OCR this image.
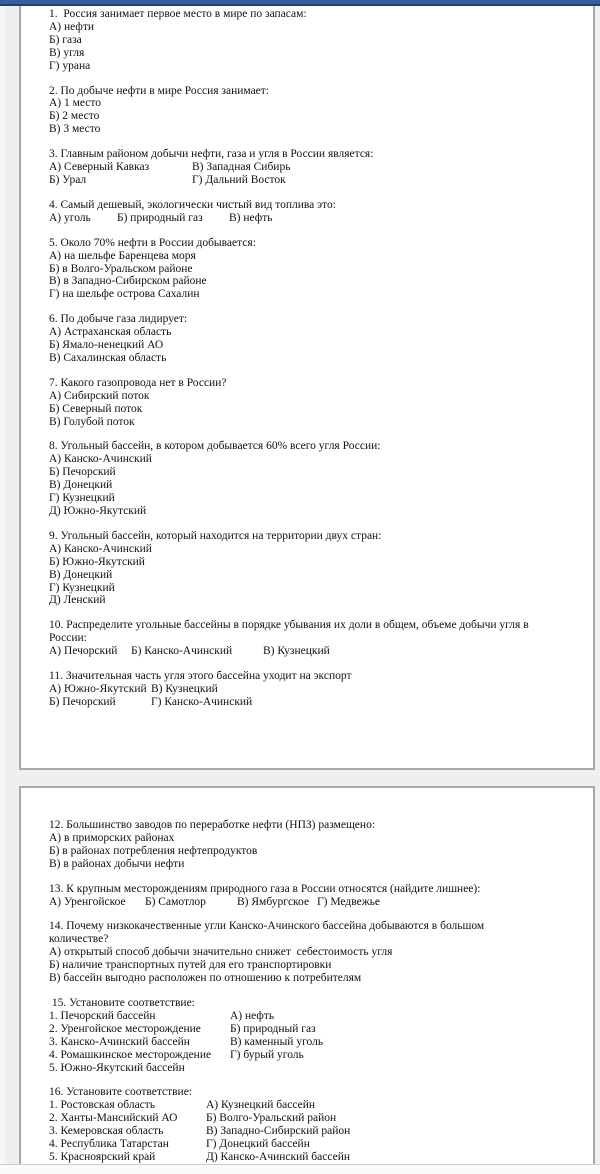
1.  Россия занимает первое место в мире по запасам:
А) нефти
Б) газа
В) угля
Г) урана
2. По добыче нефти в мире Россия занимает:
А) 1 место
Б) 2 место
В) 3 место
3. Главным районом добычи нефти, газа и угля в России является:
А) Северный Кавказ	В) Западная Сибирь
Б) Урал	Г) Дальний Восток
4. Самый дешевый, экологически чистый вид топлива это:
А) уголь Б) природный газ В) нефть
5. Около 70% нефти в России добывается:
А) на шельфе Баренцева моря
Б) в Волго-Уральском районе
В) в Западно-Сибирском районе
Г) на шельфе острова Сахалин
6. По добыче газа лидирует:
А) Астраханская область
Б) Ямало-ненецкий АО
В) Сахалинская область
7. Какого газопровода нет в России?
А) Сибирский поток
Б) Северный поток
В) Голубой поток
8. Угольный бассейн, в котором добывается 60% всего угля России:
А) Канско-Ачинский
Б) Печорский
В) Донецкий
Г) Кузнецкий
Д) Южно-Якутский
9. Угольный бассейн, который находится на территории двух стран:
А) Канско-Ачинский
Б) Южно-Якутский
В) Донецкий
Г) Кузнецкий
Д) Ленский
10. Распределите угольные бассейны в порядке убывания их доли в общем, объеме добычи угля в
России:
А) Печорский Б) Канско-Ачинский	В) Кузнецкий
11. Значительная часть угля этого бассейна уходит на экспорт
А) Южно-Якутский В) Кузнецкий
Б) Печорский	Г) Канско-Ачинский
12. Большинство заводов по переработке нефти (НПЗ) размещено:
А) в приморских районах
Б) в районах потребления нефтепродуктов
В) в районах добычи нефти
13. К крупным месторождениям природного газа в России относятся (найдите лишнее):
А) Уренгойское Б) Самотлор	В) Ямбургское Г) Медвежье
14. Почему низкокачественные угли Канско-Ачинского бассейна добываются в большом
количестве?
А) открытый способ добычи значительно снижет  себестоимость угля
Б) наличие транспортных путей для его транспортировки
В) бассейн выгодно расположен по отношению к потребителям
15. Установите соответствие:
1. Печорский бассейн	А) нефть
2. Уренгойское месторождение	Б) природный газ
3. Канско-Ачинский бассейн	В) каменный уголь
4. Ромашкинское месторождение Г) бурый уголь
5. Южно-Якутский бассейн
16. Установите соответствие:
1. Ростовская область	А) Кузнецкий бассейн
2. Ханты-Мансийский АО Б) Волго-Уральский район
3. Кемеровская область	В) Западно-Сибирский район
4. Республика Татарстан	Г) Донецкий бассейн
5. Красноярский край	Д) Канско-Ачинский бассейн
